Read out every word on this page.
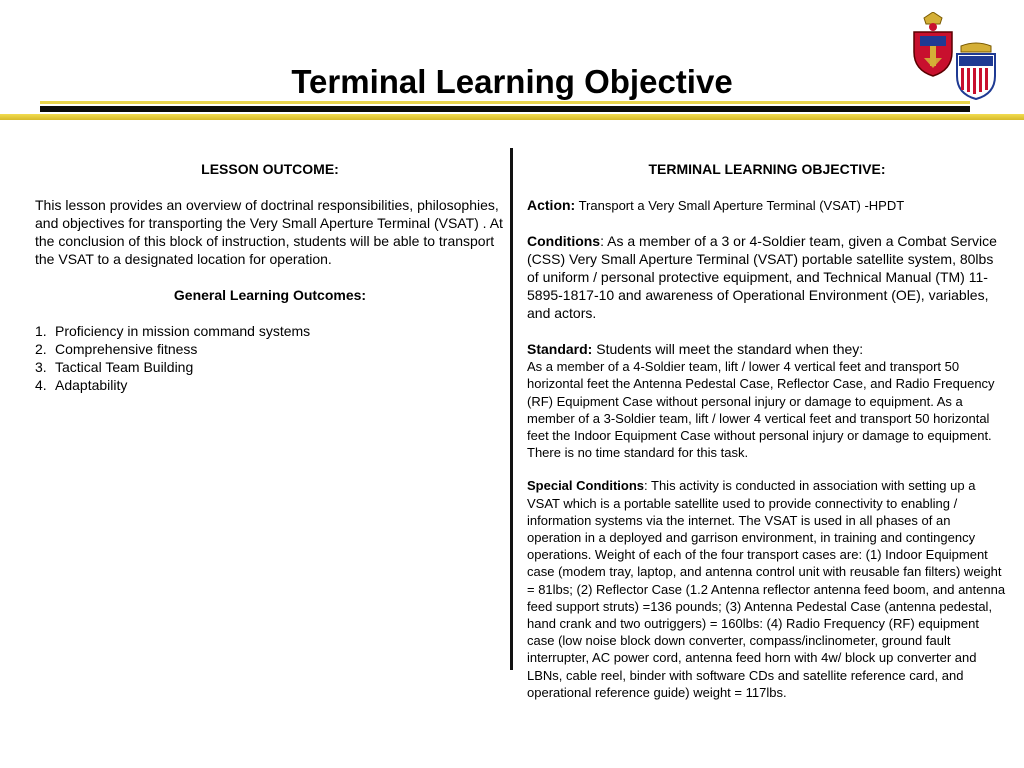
Terminal Learning Objective

LESSON OUTCOME:

This lesson provides an overview of doctrinal responsibilities, philosophies, and objectives for transporting the Very Small Aperture Terminal (VSAT) . At the conclusion of this block of instruction, students will be able to transport the VSAT to a designated location for operation.

General Learning Outcomes:

1. Proficiency in mission command systems
2. Comprehensive fitness
3. Tactical Team Building
4. Adaptability

TERMINAL LEARNING OBJECTIVE:

Action: Transport a Very Small Aperture Terminal (VSAT) -HPDT

Conditions: As a member of a 3 or 4-Soldier team, given a Combat Service (CSS) Very Small Aperture Terminal (VSAT) portable satellite system, 80lbs of uniform / personal protective equipment, and Technical Manual (TM) 11-5895-1817-10 and awareness of Operational Environment (OE), variables, and actors.

Standard: Students will meet the standard when they:

As a member of a 4-Soldier team, lift / lower 4 vertical feet and transport 50 horizontal feet the Antenna Pedestal Case, Reflector Case, and Radio Frequency (RF) Equipment Case without personal injury or damage to equipment. As a member of a 3-Soldier team, lift / lower 4 vertical feet and transport 50 horizontal feet the Indoor Equipment Case without personal injury or damage to equipment. There is no time standard for this task.

Special Conditions: This activity is conducted in association with setting up a VSAT which is a portable satellite used to provide connectivity to enabling / information systems via the internet. The VSAT is used in all phases of an operation in a deployed and garrison environment, in training and contingency operations. Weight of each of the four transport cases are: (1) Indoor Equipment case (modem tray, laptop, and antenna control unit with reusable fan filters) weight = 81lbs; (2) Reflector Case (1.2 Antenna reflector antenna feed boom, and antenna feed support struts) =136 pounds; (3) Antenna Pedestal Case (antenna pedestal, hand crank and two outriggers) = 160lbs: (4) Radio Frequency (RF) equipment case (low noise block down converter, compass/inclinometer, ground fault interrupter, AC power cord, antenna feed horn with 4w/ block up converter and LBNs, cable reel, binder with software CDs and satellite reference card, and operational reference guide) weight = 117lbs.
